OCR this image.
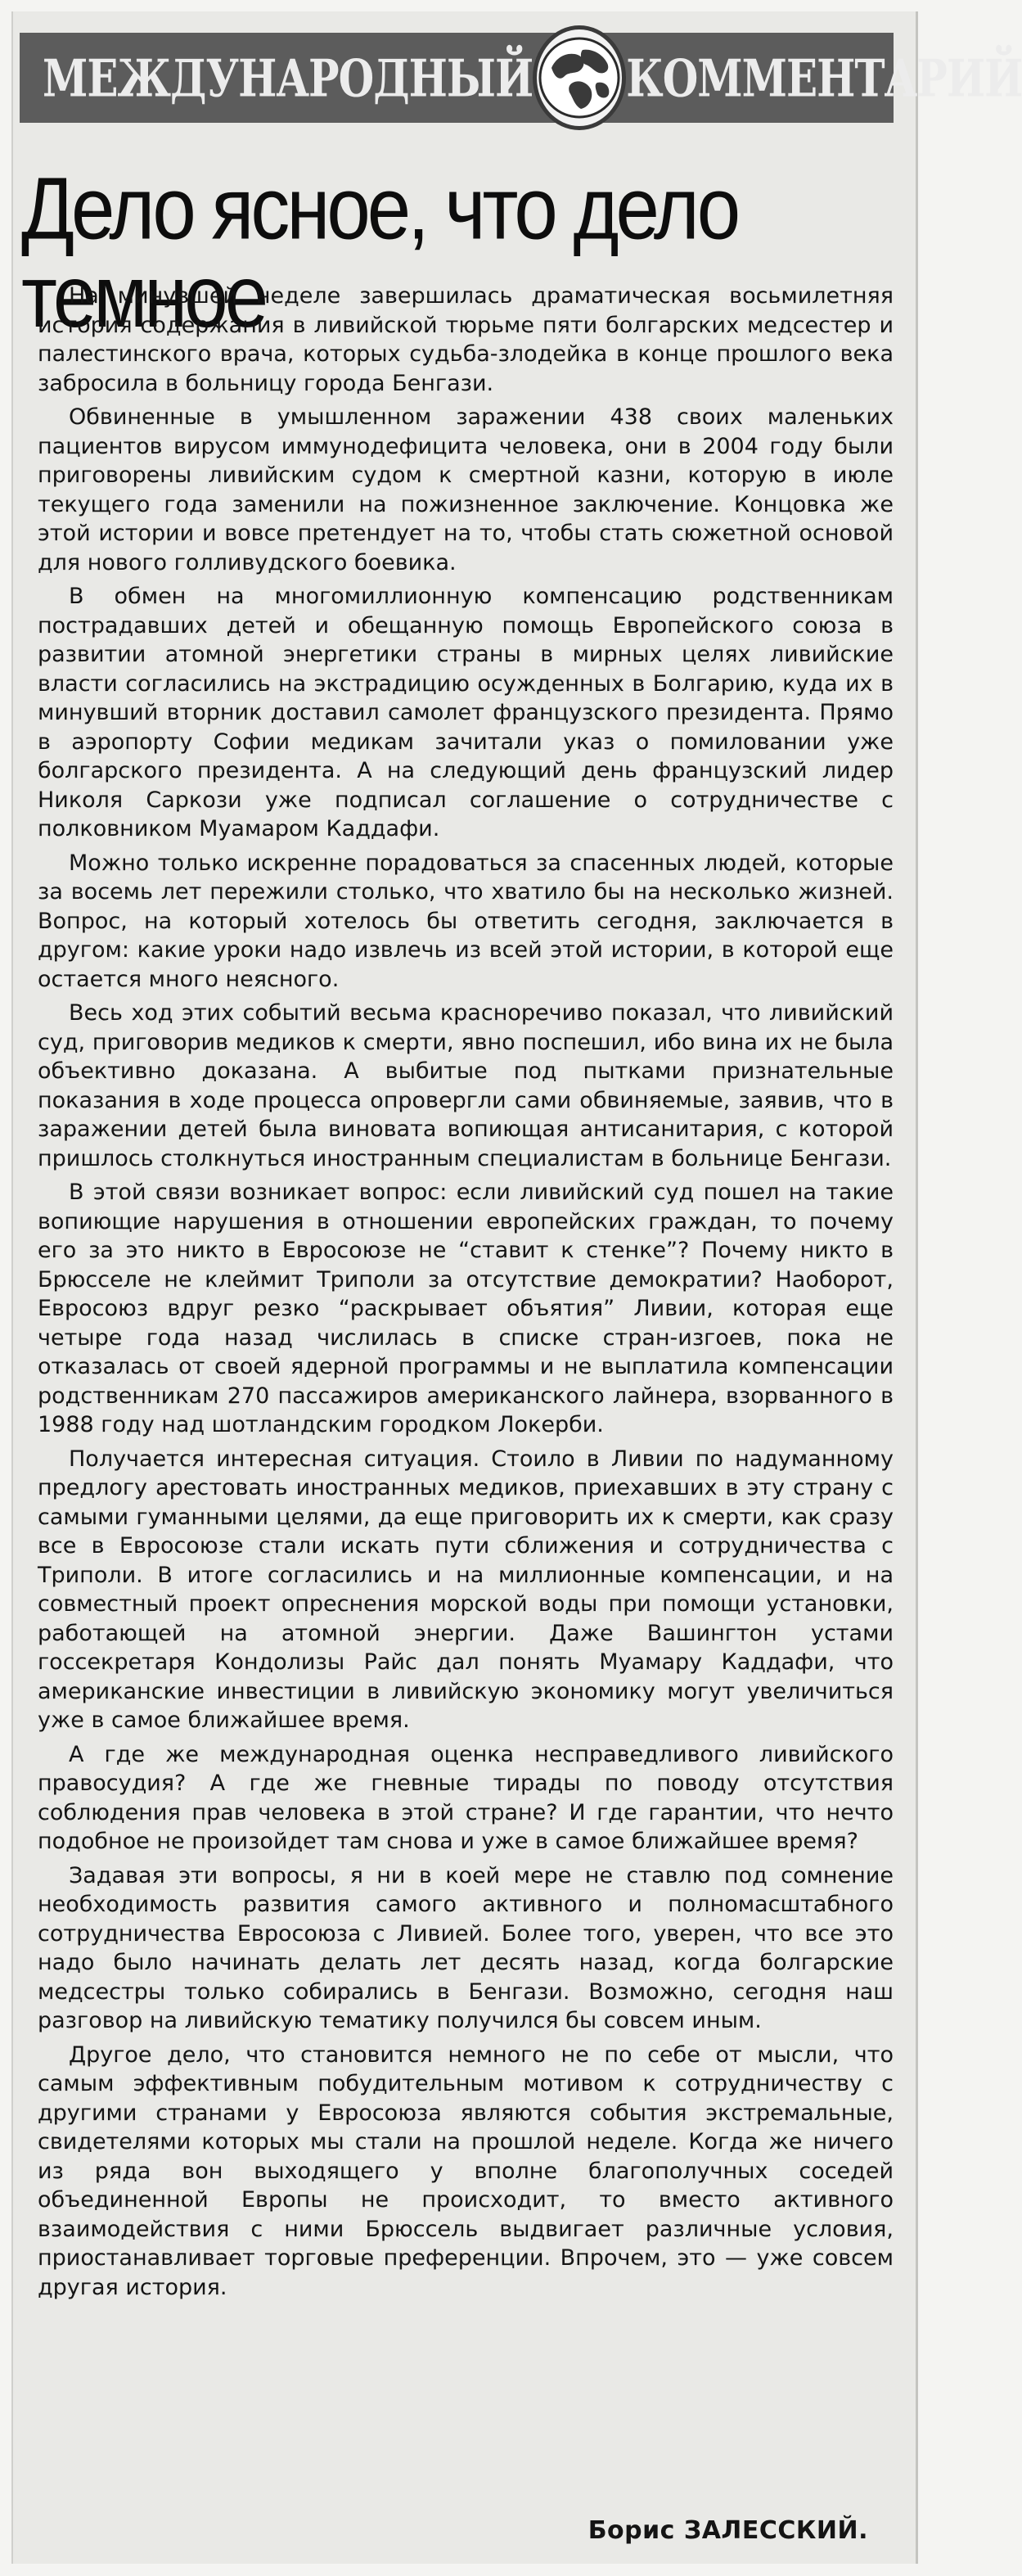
МЕЖДУНАРОДНЫЙ КОММЕНТАРИЙ
Дело ясное, что дело темное

На минувшей неделе завершилась драматическая восьмилетняя история содержания в ливийской тюрьме пяти болгарских медсестер и палестинского врача, которых судьба-злодейка в конце прошлого века забросила в больницу города Бенгази.

Обвиненные в умышленном заражении 438 своих маленьких пациентов вирусом иммунодефицита человека, они в 2004 году были приговорены ливийским судом к смертной казни, которую в июле текущего года заменили на пожизненное заключение. Концовка же этой истории и вовсе претендует на то, чтобы стать сюжетной основой для нового голливудского боевика.

В обмен на многомиллионную компенсацию родственникам пострадавших детей и обещанную помощь Европейского союза в развитии атомной энергетики страны в мирных целях ливийские власти согласились на экстрадицию осужденных в Болгарию, куда их в минувший вторник доставил самолет французского президента. Прямо в аэропорту Софии медикам зачитали указ о помиловании уже болгарского президента. А на следующий день французский лидер Николя Саркози уже подписал соглашение о сотрудничестве с полковником Муамаром Каддафи.

Можно только искренне порадоваться за спасенных людей, которые за восемь лет пережили столько, что хватило бы на несколько жизней. Вопрос, на который хотелось бы ответить сегодня, заключается в другом: какие уроки надо извлечь из всей этой истории, в которой еще остается много неясного.

Весь ход этих событий весьма красноречиво показал, что ливийский суд, приговорив медиков к смерти, явно поспешил, ибо вина их не была объективно доказана. А выбитые под пытками признательные показания в ходе процесса опровергли сами обвиняемые, заявив, что в заражении детей была виновата вопиющая антисанитария, с которой пришлось столкнуться иностранным специалистам в больнице Бенгази.

В этой связи возникает вопрос: если ливийский суд пошел на такие вопиющие нарушения в отношении европейских граждан, то почему его за это никто в Евросоюзе не “ставит к стенке”? Почему никто в Брюсселе не клеймит Триполи за отсутствие демократии? Наоборот, Евросоюз вдруг резко “раскрывает объятия” Ливии, которая еще четыре года назад числилась в списке стран-изгоев, пока не отказалась от своей ядерной программы и не выплатила компенсации родственникам 270 пассажиров американского лайнера, взорванного в 1988 году над шотландским городком Локерби.

Получается интересная ситуация. Стоило в Ливии по надуманному предлогу арестовать иностранных медиков, приехавших в эту страну с самыми гуманными целями, да еще приговорить их к смерти, как сразу все в Евросоюзе стали искать пути сближения и сотрудничества с Триполи. В итоге согласились и на миллионные компенсации, и на совместный проект опреснения морской воды при помощи установки, работающей на атомной энергии. Даже Вашингтон устами госсекретаря Кондолизы Райс дал понять Муамару Каддафи, что американские инвестиции в ливийскую экономику могут увеличиться уже в самое ближайшее время.

А где же международная оценка несправедливого ливийского правосудия? А где же гневные тирады по поводу отсутствия соблюдения прав человека в этой стране? И где гарантии, что нечто подобное не произойдет там снова и уже в самое ближайшее время?

Задавая эти вопросы, я ни в коей мере не ставлю под сомнение необходимость развития самого активного и полномасштабного сотрудничества Евросоюза с Ливией. Более того, уверен, что все это надо было начинать делать лет десять назад, когда болгарские медсестры только собирались в Бенгази. Возможно, сегодня наш разговор на ливийскую тематику получился бы совсем иным.

Другое дело, что становится немного не по себе от мысли, что самым эффективным побудительным мотивом к сотрудничеству с другими странами у Евросоюза являются события экстремальные, свидетелями которых мы стали на прошлой неделе. Когда же ничего из ряда вон выходящего у вполне благополучных соседей объединенной Европы не происходит, то вместо активного взаимодействия с ними Брюссель выдвигает различные условия, приостанавливает торговые преференции. Впрочем, это — уже совсем другая история.

Борис ЗАЛЕССКИЙ.
